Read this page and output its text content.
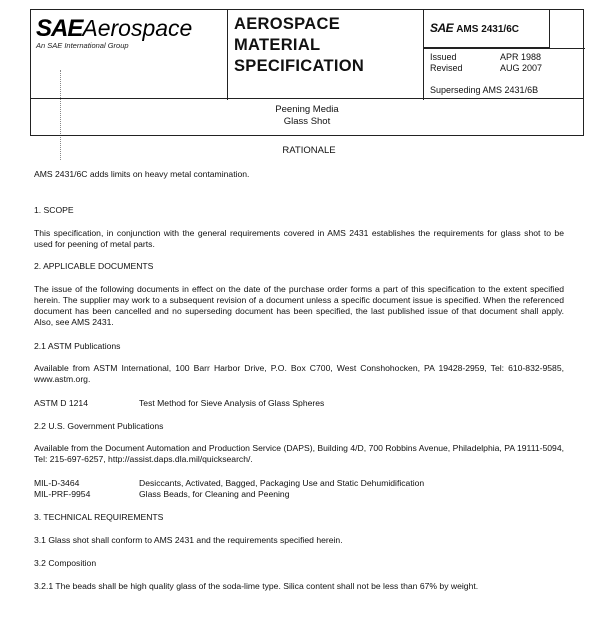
SAEAerospace
An SAE International Group
AEROSPACE
MATERIAL
SPECIFICATION
SAE AMS 2431/6C
Issued	APR 1988
Revised	AUG 2007
Superseding AMS 2431/6B
Peening Media
Glass Shot
RATIONALE
AMS 2431/6C adds limits on heavy metal contamination.
1. SCOPE

This specification, in conjunction with the general requirements covered in AMS 2431 establishes the requirements for glass shot to be used for peening of metal parts.

2. APPLICABLE DOCUMENTS

The issue of the following documents in effect on the date of the purchase order forms a part of this specification to the extent specified herein. The supplier may work to a subsequent revision of a document unless a specific document issue is specified. When the referenced document has been cancelled and no superseding document has been specified, the last published issue of that document shall apply. Also, see AMS 2431.

2.1 ASTM Publications

Available from ASTM International, 100 Barr Harbor Drive, P.O. Box C700, West Conshohocken, PA 19428-2959, Tel: 610-832-9585, www.astm.org.

ASTM D 1214	Test Method for Sieve Analysis of Glass Spheres
2.2 U.S. Government Publications

Available from the Document Automation and Production Service (DAPS), Building 4/D, 700 Robbins Avenue, Philadelphia, PA 19111-5094, Tel: 215-697-6257, http://assist.daps.dla.mil/quicksearch/.

MIL-D-3464	Desiccants, Activated, Bagged, Packaging Use and Static Dehumidification
MIL-PRF-9954	Glass Beads, for Cleaning and Peening
3. TECHNICAL REQUIREMENTS
3.1 Glass shot shall conform to AMS 2431 and the requirements specified herein.
3.2 Composition
3.2.1 The beads shall be high quality glass of the soda-lime type. Silica content shall not be less than 67% by weight.
